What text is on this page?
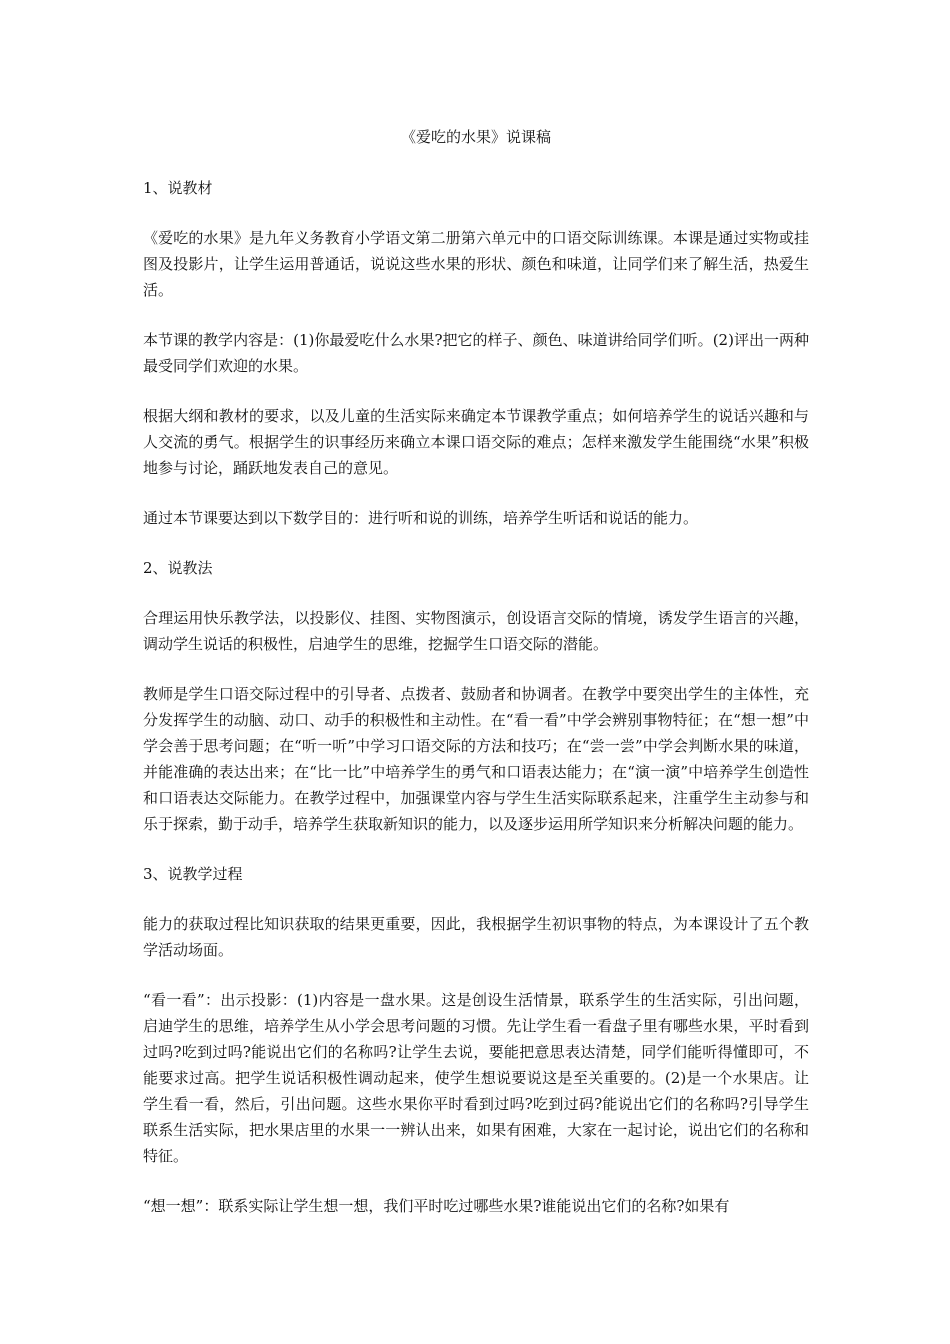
《爱吃的水果》说课稿
1、说教材
《爱吃的水果》是九年义务教育小学语文第二册第六单元中的口语交际训练课。本课是通过实物或挂图及投影片，让学生运用普通话，说说这些水果的形状、颜色和味道，让同学们来了解生活，热爱生活。
本节课的教学内容是：(1)你最爱吃什么水果?把它的样子、颜色、味道讲给同学们听。(2)评出一两种最受同学们欢迎的水果。
根据大纲和教材的要求，以及儿童的生活实际来确定本节课教学重点；如何培养学生的说话兴趣和与人交流的勇气。根据学生的识事经历来确立本课口语交际的难点；怎样来激发学生能围绕“水果”积极地参与讨论，踊跃地发表自己的意见。
通过本节课要达到以下数学目的：进行听和说的训练，培养学生听话和说话的能力。
2、说教法
合理运用快乐教学法，以投影仪、挂图、实物图演示，创设语言交际的情境，诱发学生语言的兴趣，调动学生说话的积极性，启迪学生的思维，挖掘学生口语交际的潜能。
教师是学生口语交际过程中的引导者、点拨者、鼓励者和协调者。在教学中要突出学生的主体性，充分发挥学生的动脑、动口、动手的积极性和主动性。在“看一看”中学会辨别事物特征；在“想一想”中学会善于思考问题；在“听一听”中学习口语交际的方法和技巧；在“尝一尝”中学会判断水果的味道，并能准确的表达出来；在“比一比”中培养学生的勇气和口语表达能力；在“演一演”中培养学生创造性和口语表达交际能力。在教学过程中，加强课堂内容与学生生活实际联系起来，注重学生主动参与和乐于探索，勤于动手，培养学生获取新知识的能力，以及逐步运用所学知识来分析解决问题的能力。
3、说教学过程
能力的获取过程比知识获取的结果更重要，因此，我根据学生初识事物的特点，为本课设计了五个教学活动场面。
“看一看”：出示投影：(1)内容是一盘水果。这是创设生活情景，联系学生的生活实际，引出问题，启迪学生的思维，培养学生从小学会思考问题的习惯。先让学生看一看盘子里有哪些水果，平时看到过吗?吃到过吗?能说出它们的名称吗?让学生去说，要能把意思表达清楚，同学们能听得懂即可，不能要求过高。把学生说话积极性调动起来，使学生想说要说这是至关重要的。(2)是一个水果店。让学生看一看，然后，引出问题。这些水果你平时看到过吗?吃到过码?能说出它们的名称吗?引导学生联系生活实际，把水果店里的水果一一辨认出来，如果有困难，大家在一起讨论，说出它们的名称和特征。
“想一想”：联系实际让学生想一想，我们平时吃过哪些水果?谁能说出它们的名称?如果有
